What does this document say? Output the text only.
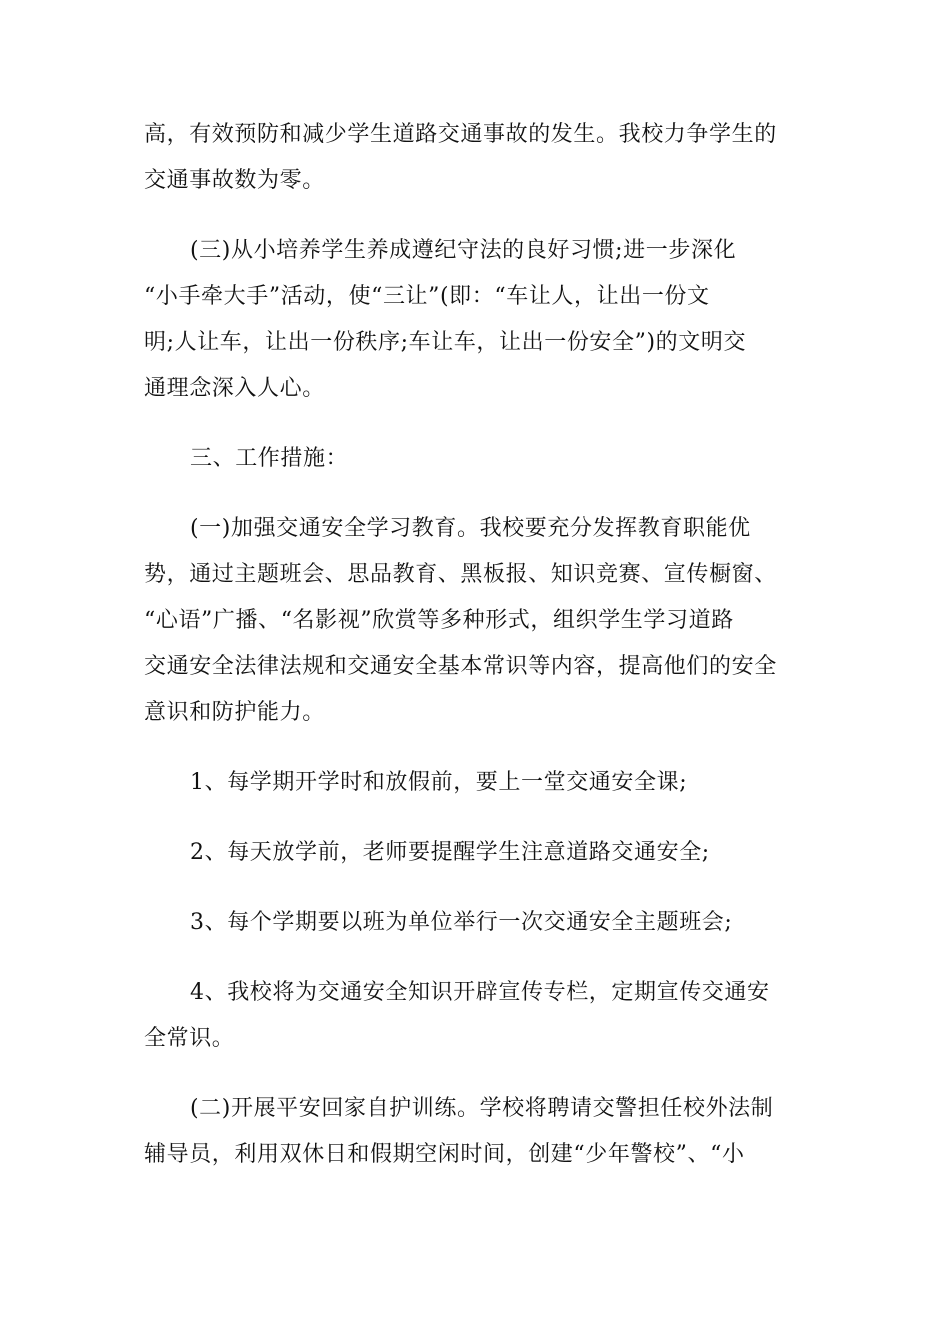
高，有效预防和减少学生道路交通事故的发生。我校力争学生的
交通事故数为零。
(三)从小培养学生养成遵纪守法的良好习惯;进一步深化
“小手牵大手”活动，使“三让”(即：“车让人，让出一份文
明;人让车，让出一份秩序;车让车，让出一份安全”)的文明交
通理念深入人心。
三、工作措施：
(一)加强交通安全学习教育。我校要充分发挥教育职能优
势，通过主题班会、思品教育、黑板报、知识竞赛、宣传橱窗、
“心语”广播、“名影视”欣赏等多种形式，组织学生学习道路
交通安全法律法规和交通安全基本常识等内容，提高他们的安全
意识和防护能力。
1、每学期开学时和放假前，要上一堂交通安全课;
2、每天放学前，老师要提醒学生注意道路交通安全;
3、每个学期要以班为单位举行一次交通安全主题班会;
4、我校将为交通安全知识开辟宣传专栏，定期宣传交通安
全常识。
(二)开展平安回家自护训练。学校将聘请交警担任校外法制
辅导员，利用双休日和假期空闲时间，创建“少年警校”、“小
